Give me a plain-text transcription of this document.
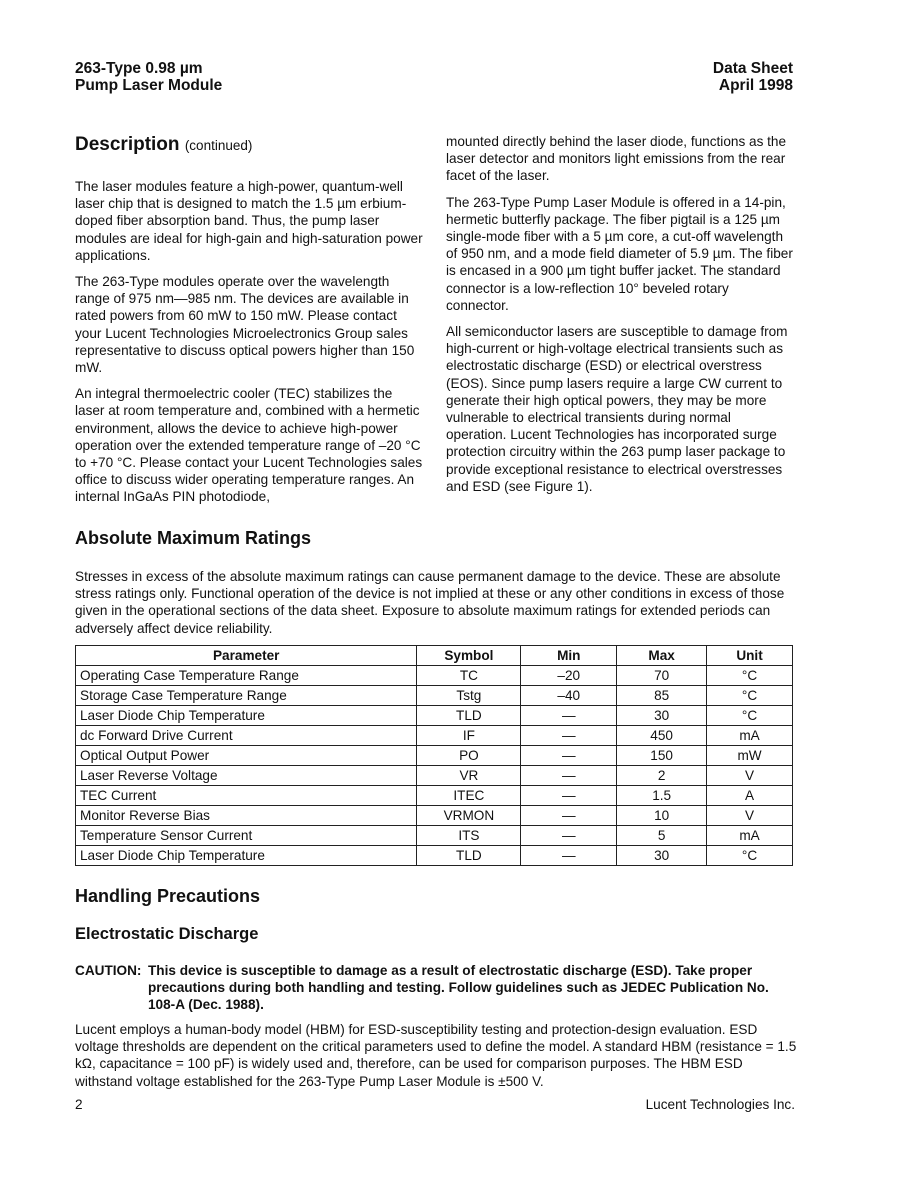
263-Type 0.98 µm
Pump Laser Module
Data Sheet
April 1998
Description (continued)

The laser modules feature a high-power, quantum-well laser chip that is designed to match the 1.5 µm erbium-doped fiber absorption band. Thus, the pump laser modules are ideal for high-gain and high-saturation power applications.

The 263-Type modules operate over the wavelength range of 975 nm—985 nm. The devices are available in rated powers from 60 mW to 150 mW. Please contact your Lucent Technologies Microelectronics Group sales representative to discuss optical powers higher than 150 mW.

An integral thermoelectric cooler (TEC) stabilizes the laser at room temperature and, combined with a hermetic environment, allows the device to achieve high-power operation over the extended temperature range of –20 °C to +70 °C. Please contact your Lucent Technologies sales office to discuss wider operating temperature ranges. An internal InGaAs PIN photodiode,

mounted directly behind the laser diode, functions as the laser detector and monitors light emissions from the rear facet of the laser.

The 263-Type Pump Laser Module is offered in a 14-pin, hermetic butterfly package. The fiber pigtail is a 125 µm single-mode fiber with a 5 µm core, a cut-off wavelength of 950 nm, and a mode field diameter of 5.9 µm. The fiber is encased in a 900 µm tight buffer jacket. The standard connector is a low-reflection 10° beveled rotary connector.

All semiconductor lasers are susceptible to damage from high-current or high-voltage electrical transients such as electrostatic discharge (ESD) or electrical overstress (EOS). Since pump lasers require a large CW current to generate their high optical powers, they may be more vulnerable to electrical transients during normal operation. Lucent Technologies has incorporated surge protection circuitry within the 263 pump laser package to provide exceptional resistance to electrical overstresses and ESD (see Figure 1).

Absolute Maximum Ratings

Stresses in excess of the absolute maximum ratings can cause permanent damage to the device. These are absolute stress ratings only. Functional operation of the device is not implied at these or any other conditions in excess of those given in the operational sections of the data sheet. Exposure to absolute maximum ratings for extended periods can adversely affect device reliability.

Parameter	Symbol	Min	Max	Unit
Operating Case Temperature Range	TC	–20	70	°C
Storage Case Temperature Range	Tstg	–40	85	°C
Laser Diode Chip Temperature	TLD	—	30	°C
dc Forward Drive Current	IF	—	450	mA
Optical Output Power	PO	—	150	mW
Laser Reverse Voltage	VR	—	2	V
TEC Current	ITEC	—	1.5	A
Monitor Reverse Bias	VRMON	—	10	V
Temperature Sensor Current	ITS	—	5	mA
Laser Diode Chip Temperature	TLD	—	30	°C
Handling Precautions
Electrostatic Discharge
CAUTION: This device is susceptible to damage as a result of electrostatic discharge (ESD). Take proper precautions during both handling and testing. Follow guidelines such as JEDEC Publication No. 108-A (Dec. 1988).

Lucent employs a human-body model (HBM) for ESD-susceptibility testing and protection-design evaluation. ESD voltage thresholds are dependent on the critical parameters used to define the model. A standard HBM (resistance = 1.5 kΩ, capacitance = 100 pF) is widely used and, therefore, can be used for comparison purposes. The HBM ESD withstand voltage established for the 263-Type Pump Laser Module is ±500 V.

2	Lucent Technologies Inc.
